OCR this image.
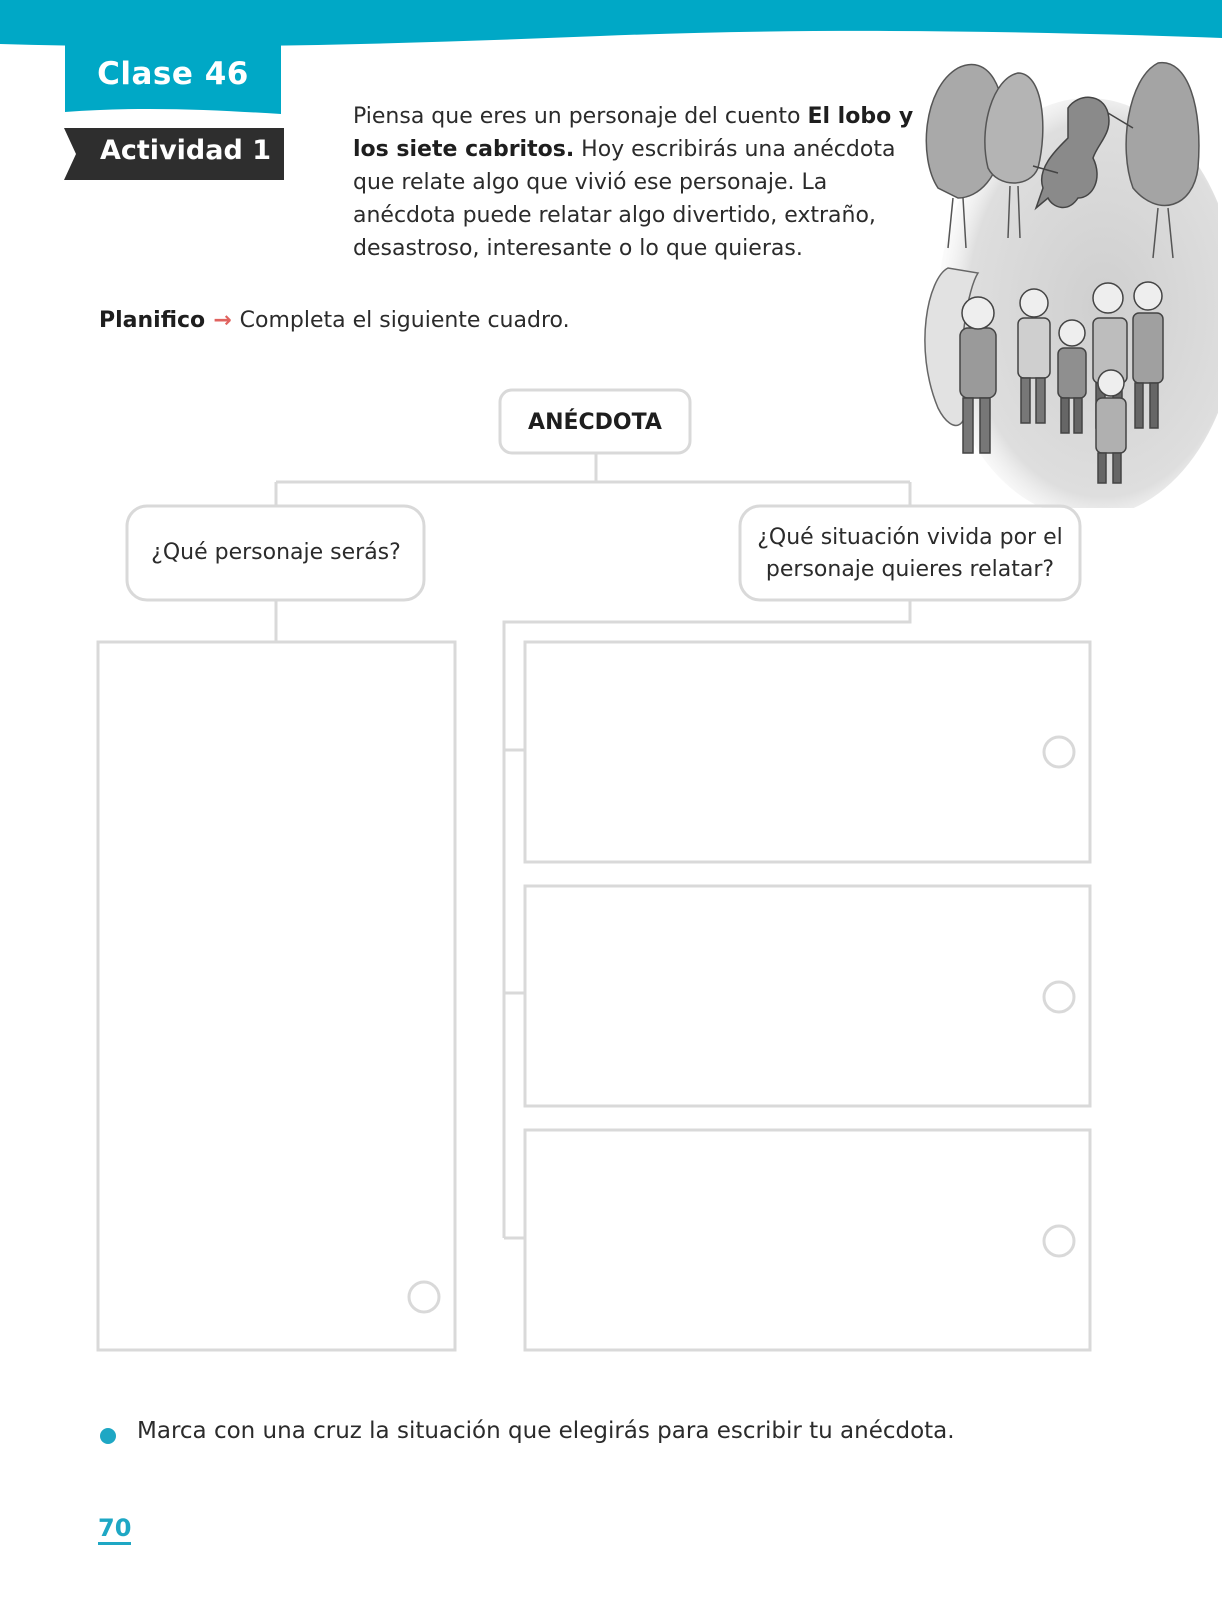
Clase 46
Actividad 1
Piensa que eres un personaje del cuento El lobo y los siete cabritos. Hoy escribirás una anécdota que relate algo que vivió ese personaje. La anécdota puede relatar algo divertido, extraño, desastroso, interesante o lo que quieras.
Planifico → Completa el siguiente cuadro.
ANÉCDOTA
¿Qué personaje serás?
¿Qué situación vivida por el personaje quieres relatar?
Marca con una cruz la situación que elegirás para escribir tu anécdota.
70
